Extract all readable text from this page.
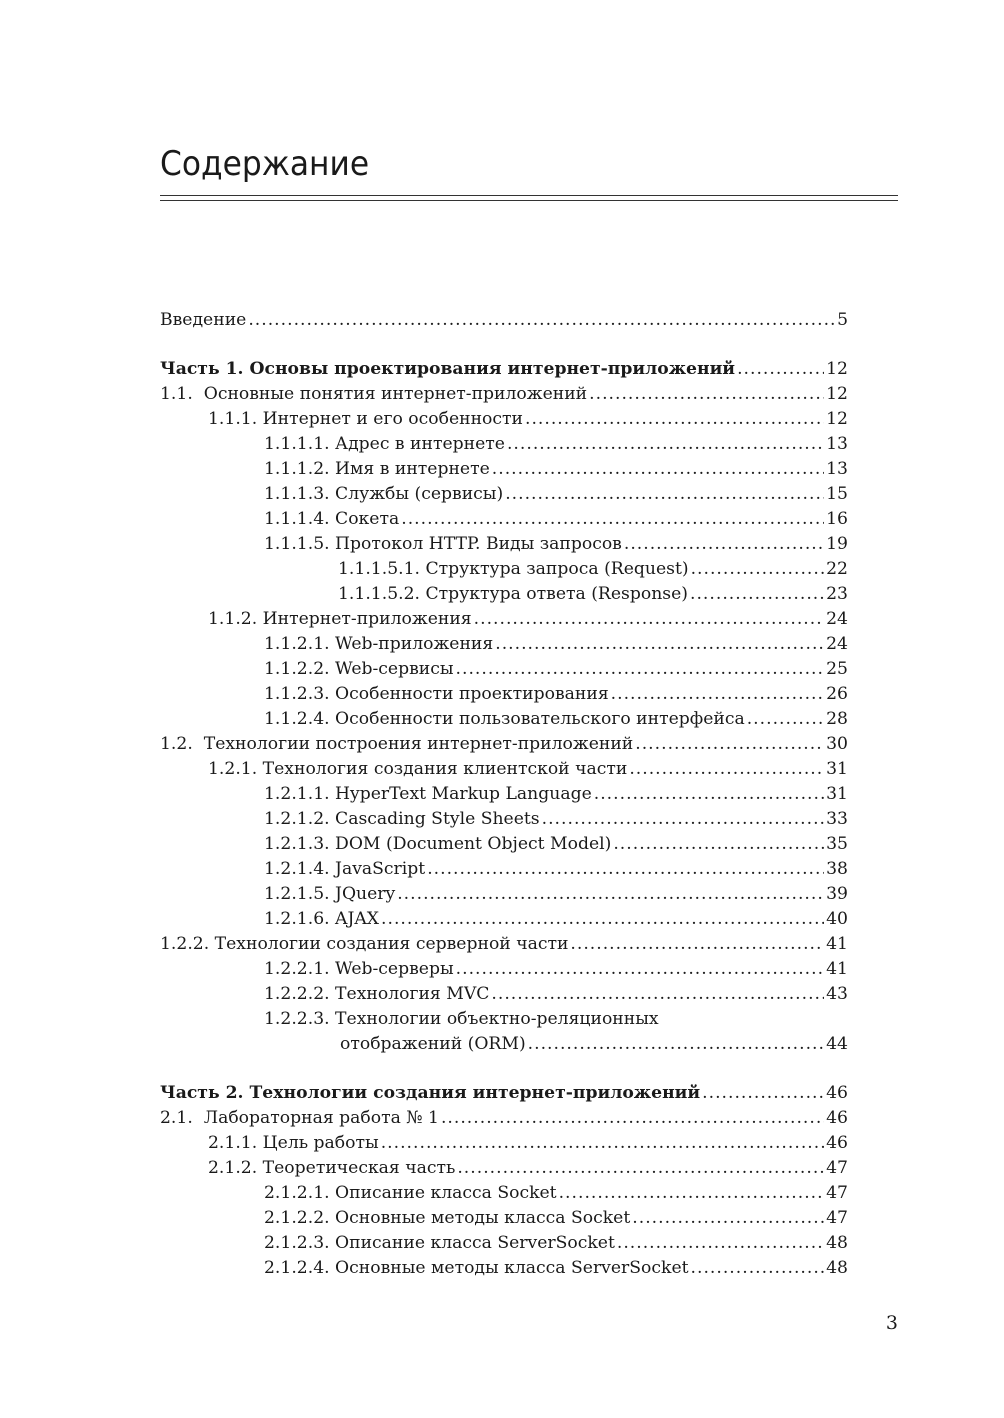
Содержание
Введение .....	5
Часть 1. Основы проектирования интернет-приложений .....	12
1.1.  Основные понятия интернет-приложений .....	12
1.1.1. Интернет и его особенности .....	12
1.1.1.1. Адрес в интернете .....	13
1.1.1.2. Имя в интернете .....	13
1.1.1.3. Службы (сервисы) .....	15
1.1.1.4. Сокета .....	16
1.1.1.5. Протокол HTTP. Виды запросов .....	19
1.1.1.5.1. Структура запроса (Request) .....	22
1.1.1.5.2. Структура ответа (Response) .....	23
1.1.2. Интернет-приложения .....	24
1.1.2.1. Web-приложения .....	24
1.1.2.2. Web-сервисы .....	25
1.1.2.3. Особенности проектирования .....	26
1.1.2.4. Особенности пользовательского интерфейса .....	28
1.2.  Технологии построения интернет-приложений .....	30
1.2.1. Технология создания клиентской части .....	31
1.2.1.1. HyperText Markup Language .....	31
1.2.1.2. Cascading Style Sheets .....	33
1.2.1.3. DOM (Document Object Model) .....	35
1.2.1.4. JavaScript .....	38
1.2.1.5. JQuery .....	39
1.2.1.6. AJAX .....	40
1.2.2. Технологии создания серверной части .....	41
1.2.2.1. Web-серверы .....	41
1.2.2.2. Технология MVC .....	43
1.2.2.3. Технологии объектно-реляционных
отображений (ORM) .....	44
Часть 2. Технологии создания интернет-приложений .....	46
2.1.  Лабораторная работа № 1 .....	46
2.1.1. Цель работы .....	46
2.1.2. Теоретическая часть .....	47
2.1.2.1. Описание класса Socket .....	47
2.1.2.2. Основные методы класса Socket .....	47
2.1.2.3. Описание класса ServerSocket .....	48
2.1.2.4. Основные методы класса ServerSocket .....	48
3
